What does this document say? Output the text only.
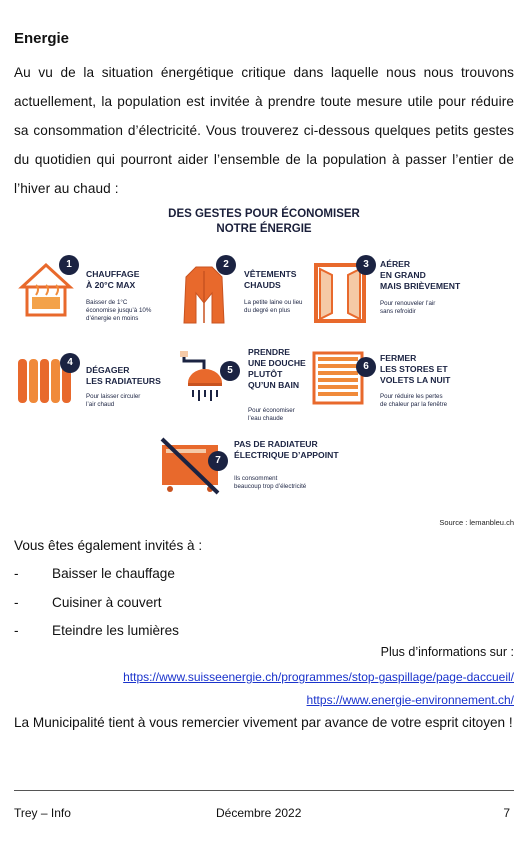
Energie

Au vu de la situation énergétique critique dans laquelle nous nous trouvons actuellement, la population est invitée à prendre toute mesure utile pour réduire sa consommation d’électricité. Vous trouverez ci-dessous quelques petits gestes du quotidien qui pourront aider l’ensemble de la population à passer l’entier de l’hiver au chaud :

DES GESTES POUR ÉCONOMISER
NOTRE ÉNERGIE
1
CHAUFFAGE
À 20°C MAX
Baisser de 1°C
économise jusqu’à 10%
d’énergie en moins
2
VÊTEMENTS
CHAUDS
La petite laine ou lieu
du degré en plus
3	AÉRER
EN GRAND
MAIS BRIÈVEMENT
Pour renouveler l’air
sans refroidir
4
DÉGAGER
LES RADIATEURS
Pour laisser circuler
l’air chaud
5
PRENDRE
UNE DOUCHE
PLUTÔT
QU’UN BAIN
Pour économiser
l’eau chaude
6
FERMER
LES STORES ET
VOLETS LA NUIT
Pour réduire les pertes
de chaleur par la fenêtre
7
PAS DE RADIATEUR
ÉLECTRIQUE D’APPOINT
Ils consomment
beaucoup trop d’électricité
Source : lemanbleu.ch
Vous êtes également invités à :
- Baisser le chauffage
- Cuisiner à couvert
- Eteindre les lumières
Plus d’informations sur :
https://www.suisseenergie.ch/programmes/stop-gaspillage/page-daccueil/
https://www.energie-environnement.ch/

La Municipalité tient à vous remercier vivement par avance de votre esprit citoyen !

Trey – Info	Décembre 2022	7
